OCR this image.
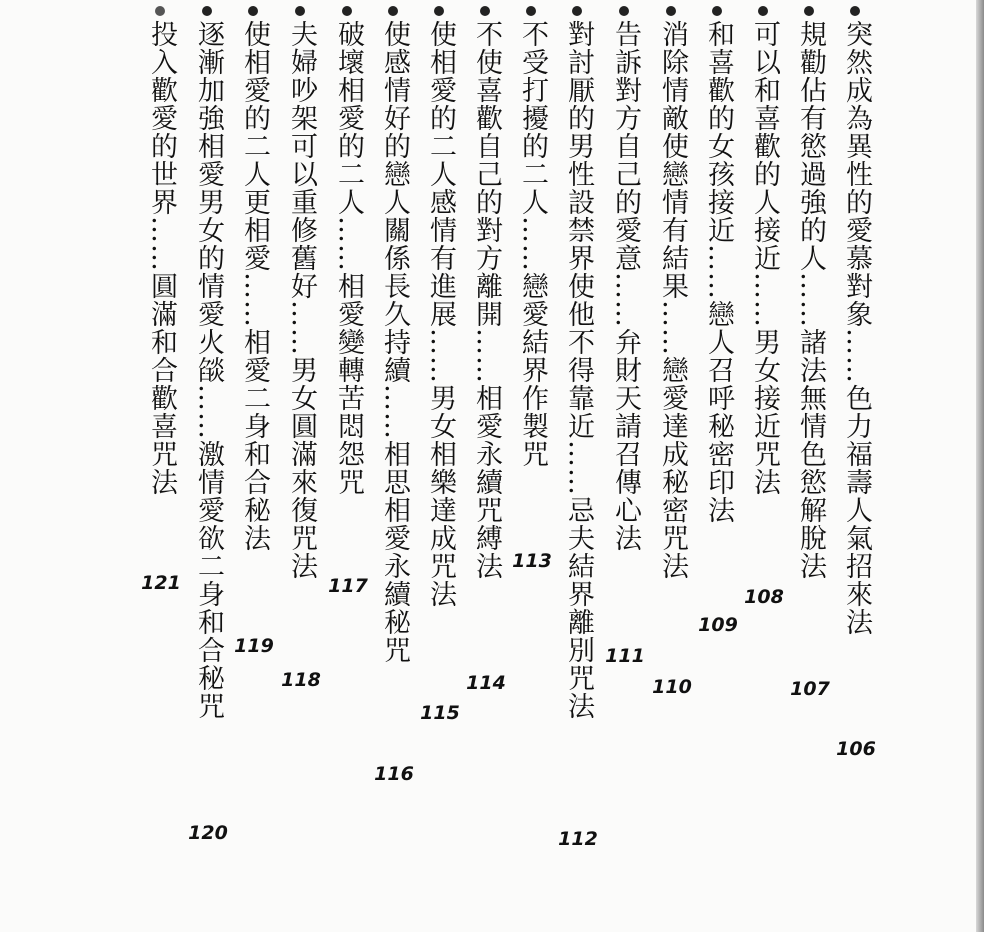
突然成為異性的愛慕對象……色力福壽人氣招來法
106
規勸佔有慾過強的人……諸法無情色慾解脫法
107
可以和喜歡的人接近……男女接近咒法
108
和喜歡的女孩接近……戀人召呼秘密印法
109
消除情敵使戀情有結果……戀愛達成秘密咒法
110
告訴對方自己的愛意……弁財天請召傳心法
111
對討厭的男性設禁界使他不得靠近……忌夫結界離別咒法
112
不受打擾的二人……戀愛結界作製咒
113
不使喜歡自己的對方離開……相愛永續咒縛法
114
使相愛的二人感情有進展……男女相樂達成咒法
115
使感情好的戀人關係長久持續……相思相愛永續秘咒
116
破壞相愛的二人……相愛變轉苦悶怨咒
117
夫婦吵架可以重修舊好……男女圓滿來復咒法
118
使相愛的二人更相愛……相愛二身和合秘法
119
逐漸加強相愛男女的情愛火燄……激情愛欲二身和合秘咒
120
投入歡愛的世界……圓滿和合歡喜咒法
121
